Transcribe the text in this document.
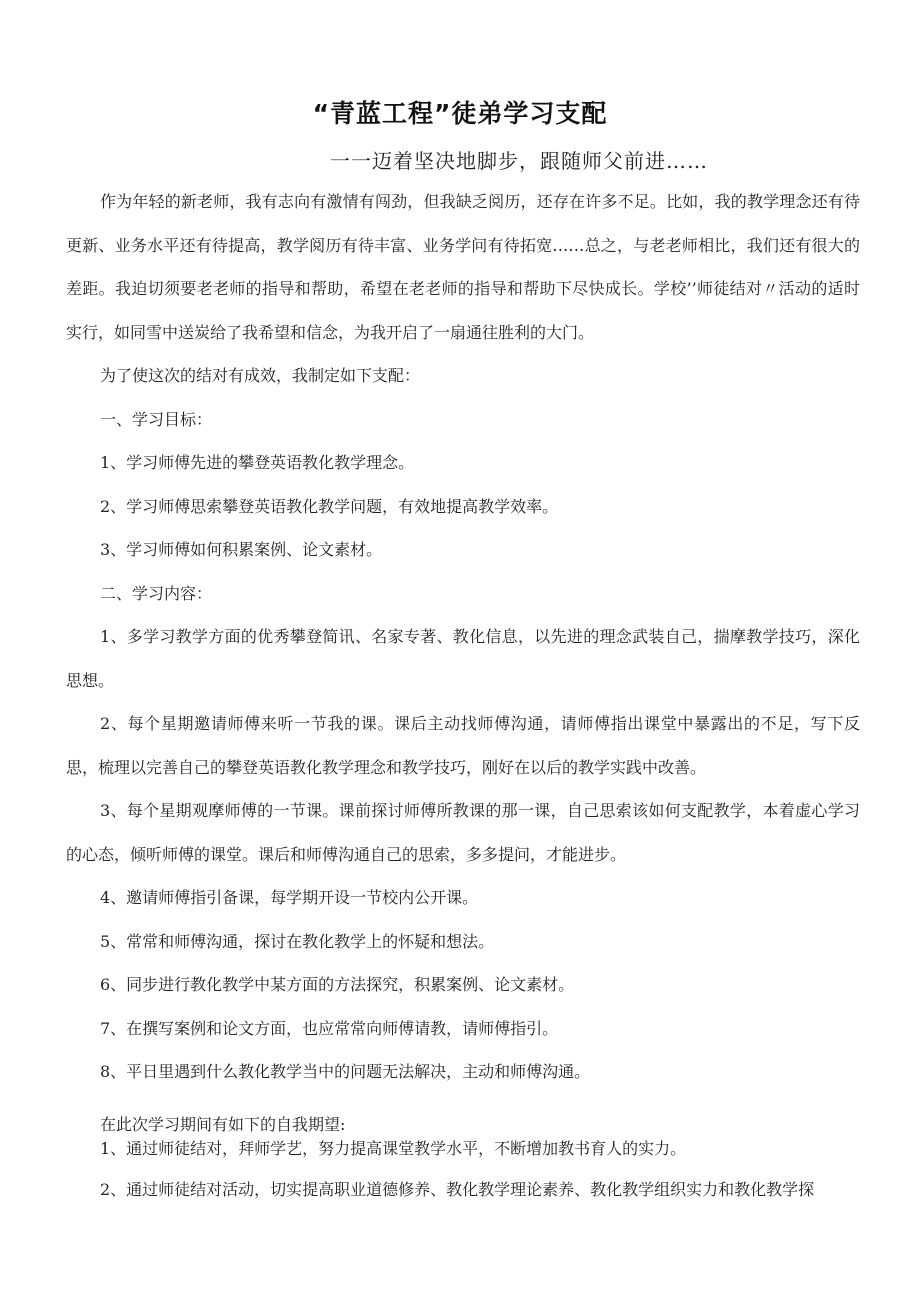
“青蓝工程”徒弟学习支配
一一迈着坚决地脚步，跟随师父前进……

作为年轻的新老师，我有志向有激情有闯劲，但我缺乏阅历，还存在许多不足。比如，我的教学理念还有待更新、业务水平还有待提高，教学阅历有待丰富、业务学问有待拓宽……总之，与老老师相比，我们还有很大的差距。我迫切须要老老师的指导和帮助，希望在老老师的指导和帮助下尽快成长。学校’’师徒结对〃活动的适时实行，如同雪中送炭给了我希望和信念，为我开启了一扇通往胜利的大门。

为了使这次的结对有成效，我制定如下支配：

一、学习目标：

1、学习师傅先进的攀登英语教化教学理念。

2、学习师傅思索攀登英语教化教学问题，有效地提高教学效率。

3、学习师傅如何积累案例、论文素材。

二、学习内容：

1、多学习教学方面的优秀攀登简讯、名家专著、教化信息，以先进的理念武装自己，揣摩教学技巧，深化思想。

2、每个星期邀请师傅来听一节我的课。课后主动找师傅沟通，请师傅指出课堂中暴露出的不足，写下反思，梳理以完善自己的攀登英语教化教学理念和教学技巧，刚好在以后的教学实践中改善。

3、每个星期观摩师傅的一节课。课前探讨师傅所教课的那一课，自己思索该如何支配教学，本着虚心学习的心态，倾听师傅的课堂。课后和师傅沟通自己的思索，多多提问，才能进步。

4、邀请师傅指引备课，每学期开设一节校内公开课。

5、常常和师傅沟通，探讨在教化教学上的怀疑和想法。

6、同步进行教化教学中某方面的方法探究，积累案例、论文素材。

7、在撰写案例和论文方面，也应常常向师傅请教，请师傅指引。

8、平日里遇到什么教化教学当中的问题无法解决，主动和师傅沟通。

在此次学习期间有如下的自我期望:

1、通过师徒结对，拜师学艺，努力提高课堂教学水平，不断增加教书育人的实力。

2、通过师徒结对活动，切实提高职业道德修养、教化教学理论素养、教化教学组织实力和教化教学探
